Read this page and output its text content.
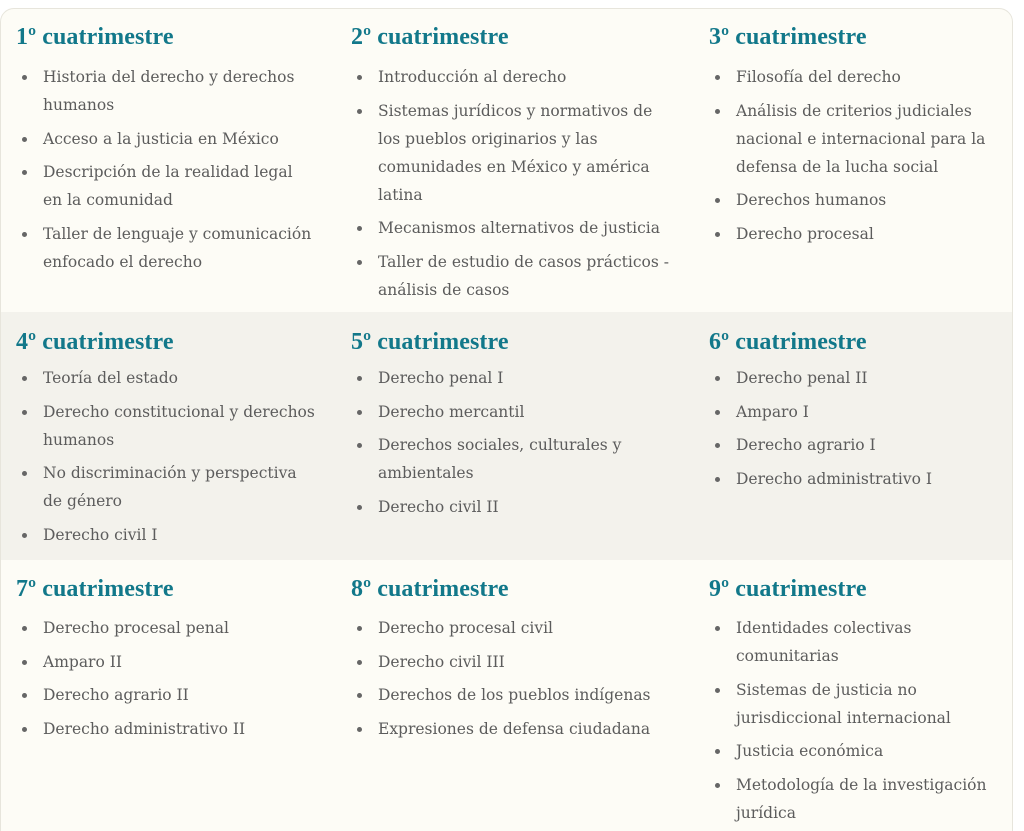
1º cuatrimestre
Historia del derecho y derechos humanos
Acceso a la justicia en México
Descripción de la realidad legal en la comunidad
Taller de lenguaje y comunicación enfocado el derecho
2º cuatrimestre
Introducción al derecho
Sistemas jurídicos y normativos de los pueblos originarios y las comunidades en México y américa latina
Mecanismos alternativos de justicia
Taller de estudio de casos prácticos - análisis de casos
3º cuatrimestre
Filosofía del derecho
Análisis de criterios judiciales nacional e internacional para la defensa de la lucha social
Derechos humanos
Derecho procesal
4º cuatrimestre
Teoría del estado
Derecho constitucional y derechos humanos
No discriminación y perspectiva de género
Derecho civil I
5º cuatrimestre
Derecho penal I
Derecho mercantil
Derechos sociales, culturales y ambientales
Derecho civil II
6º cuatrimestre
Derecho penal II
Amparo I
Derecho agrario I
Derecho administrativo I
7º cuatrimestre
Derecho procesal penal
Amparo II
Derecho agrario II
Derecho administrativo II
8º cuatrimestre
Derecho procesal civil
Derecho civil III
Derechos de los pueblos indígenas
Expresiones de defensa ciudadana
9º cuatrimestre
Identidades colectivas comunitarias
Sistemas de justicia no jurisdiccional internacional
Justicia económica
Metodología de la investigación jurídica
